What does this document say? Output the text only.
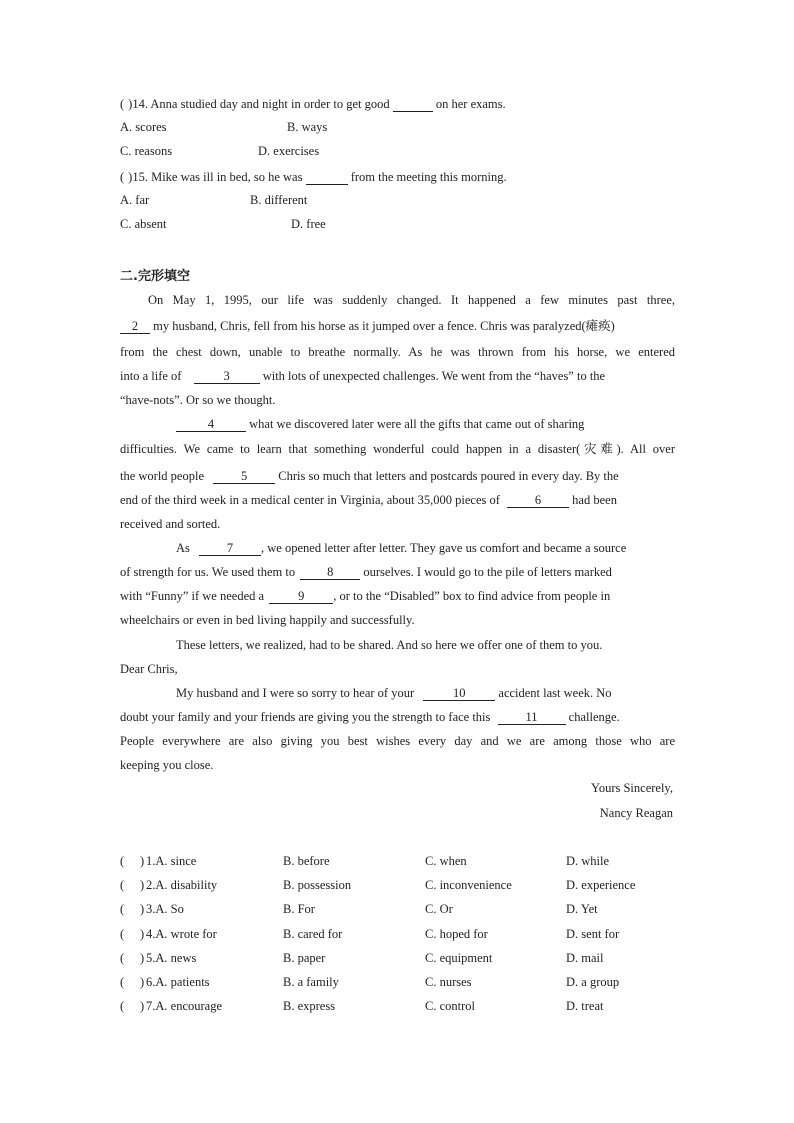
( )14. Anna studied day and night in order to get good	on her exams.
A. scores	B. ways
C. reasons	D. exercises
( )15. Mike was ill in bed, so he was	from the meeting this morning.
A. far	B. different
C. absent	D. free
二.完形填空
On May 1, 1995, our life was suddenly changed. It happened a few minutes past three,
2 my husband, Chris, fell from his horse as it jumped over a fence. Chris was paralyzed(瘫痪)
from the chest down, unable to breathe normally. As he was thrown from his horse, we entered
into a life of	3 with lots of unexpected challenges. We went from the “haves” to the
“have-nots”. Or so we thought.
4	what we discovered later were all the gifts that came out of sharing
difficulties. We came to learn that something wonderful could happen in a disaster(灾难). All over
the world people	5 Chris so much that letters and postcards poured in every day. By the
end of the third week in a medical center in Virginia, about 35,000 pieces of	6 had been
received and sorted.
As	7 , we opened letter after letter. They gave us comfort and became a source
of strength for us. We used them to 8 ourselves. I would go to the pile of letters marked
with “Funny” if we needed a 9 , or to the “Disabled” box to find advice from people in
wheelchairs or even in bed living happily and successfully.
These letters, we realized, had to be shared. And so here we offer one of them to you.
Dear Chris,
My husband and I were so sorry to hear of your	10 accident last week. No
doubt your family and your friends are giving you the strength to face this	11 challenge.
People everywhere are also giving you best wishes every day and we are among those who are
keeping you close.
Yours Sincerely,
Nancy Reagan
( ) 1.A. since	B. before	C. when	D. while
( ) 2.A. disability	B. possession	C. inconvenience	D. experience
( ) 3.A. So	B. For	C. Or	D. Yet
( ) 4.A. wrote for	B. cared for	C. hoped for	D. sent for
( ) 5.A. news	B. paper	C. equipment	D. mail
( ) 6.A. patients	B. a family	C. nurses	D. a group
( ) 7.A. encourage	B. express	C. control	D. treat
